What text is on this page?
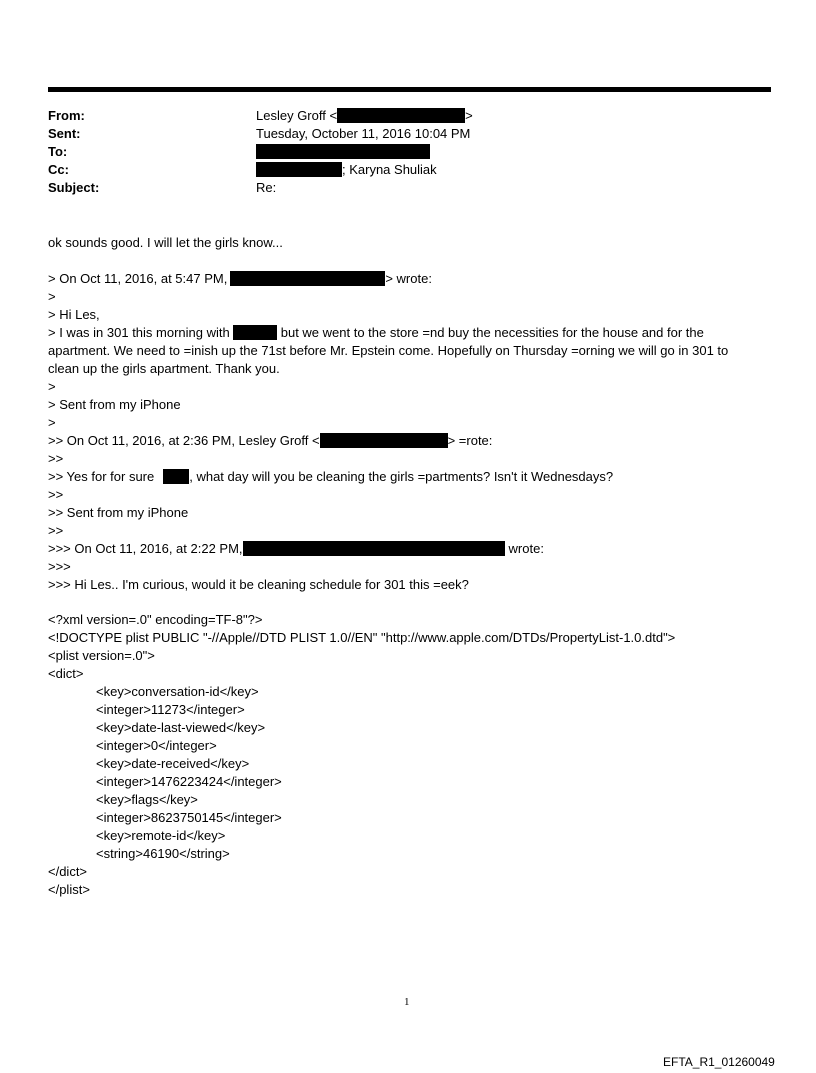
From:	Lesley Groff <	>
Sent:	Tuesday, October 11, 2016 10:04 PM
To:
Cc:	; Karyna Shuliak
Subject:	Re:
ok sounds good. I will let the girls know...
> On Oct 11, 2016, at 5:47 PM,	> wrote:
>
> Hi Les,
> I was in 301 this morning with	but we went to the store =nd buy the necessities for the house and for the
apartment. We need to =inish up the 71st before Mr. Epstein come. Hopefully on Thursday =orning we will go in 301 to
clean up the girls apartment. Thank you.
>
> Sent from my iPhone
>
>> On Oct 11, 2016, at 2:36 PM, Lesley Groff <	> =rote:
>>
>> Yes for for sure	, what day will you be cleaning the girls =partments? Isn't it Wednesdays?
>>
>> Sent from my iPhone
>>
>>> On Oct 11, 2016, at 2:22 PM,	wrote:
>>>
>>> Hi Les.. I'm curious, would it be cleaning schedule for 301 this =eek?
<?xml version=.0" encoding=TF-8"?>
<!DOCTYPE plist PUBLIC "-//Apple//DTD PLIST 1.0//EN" "http://www.apple.com/DTDs/PropertyList-1.0.dtd">
<plist version=.0">
<dict>
<key>conversation-id</key>
<integer>11273</integer>
<key>date-last-viewed</key>
<integer>0</integer>
<key>date-received</key>
<integer>1476223424</integer>
<key>flags</key>
<integer>8623750145</integer>
<key>remote-id</key>
<string>46190</string>
</dict>
</plist>
1
EFTA_R1_01260049
